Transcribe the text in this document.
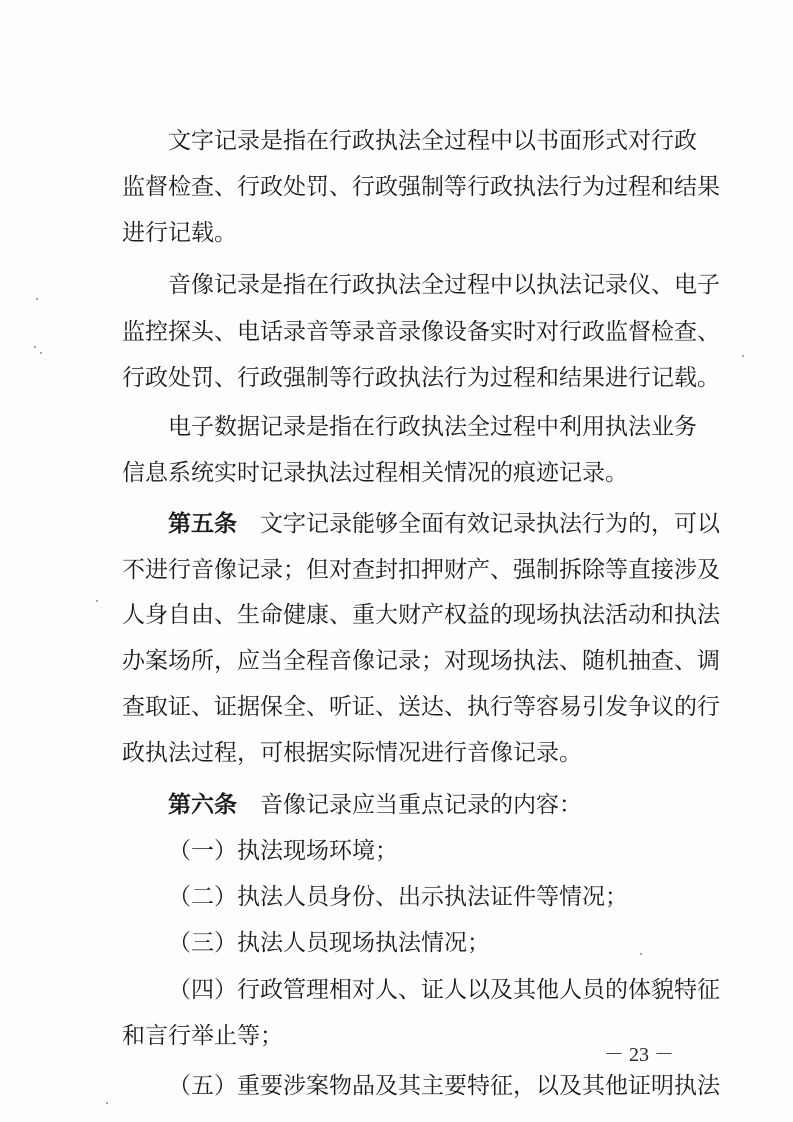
文字记录是指在行政执法全过程中以书面形式对行政
监督检查、行政处罚、行政强制等行政执法行为过程和结果
进行记载。
音像记录是指在行政执法全过程中以执法记录仪、电子
监控探头、电话录音等录音录像设备实时对行政监督检查、
行政处罚、行政强制等行政执法行为过程和结果进行记载。
电子数据记录是指在行政执法全过程中利用执法业务
信息系统实时记录执法过程相关情况的痕迹记录。
第五条　文字记录能够全面有效记录执法行为的，可以
不进行音像记录；但对查封扣押财产、强制拆除等直接涉及
人身自由、生命健康、重大财产权益的现场执法活动和执法
办案场所，应当全程音像记录；对现场执法、随机抽查、调
查取证、证据保全、听证、送达、执行等容易引发争议的行
政执法过程，可根据实际情况进行音像记录。
第六条　音像记录应当重点记录的内容：
（一）执法现场环境；
（二）执法人员身份、出示执法证件等情况；
（三）执法人员现场执法情况；
（四）行政管理相对人、证人以及其他人员的体貌特征
和言行举止等；
（五）重要涉案物品及其主要特征，以及其他证明执法
－ 23 －
